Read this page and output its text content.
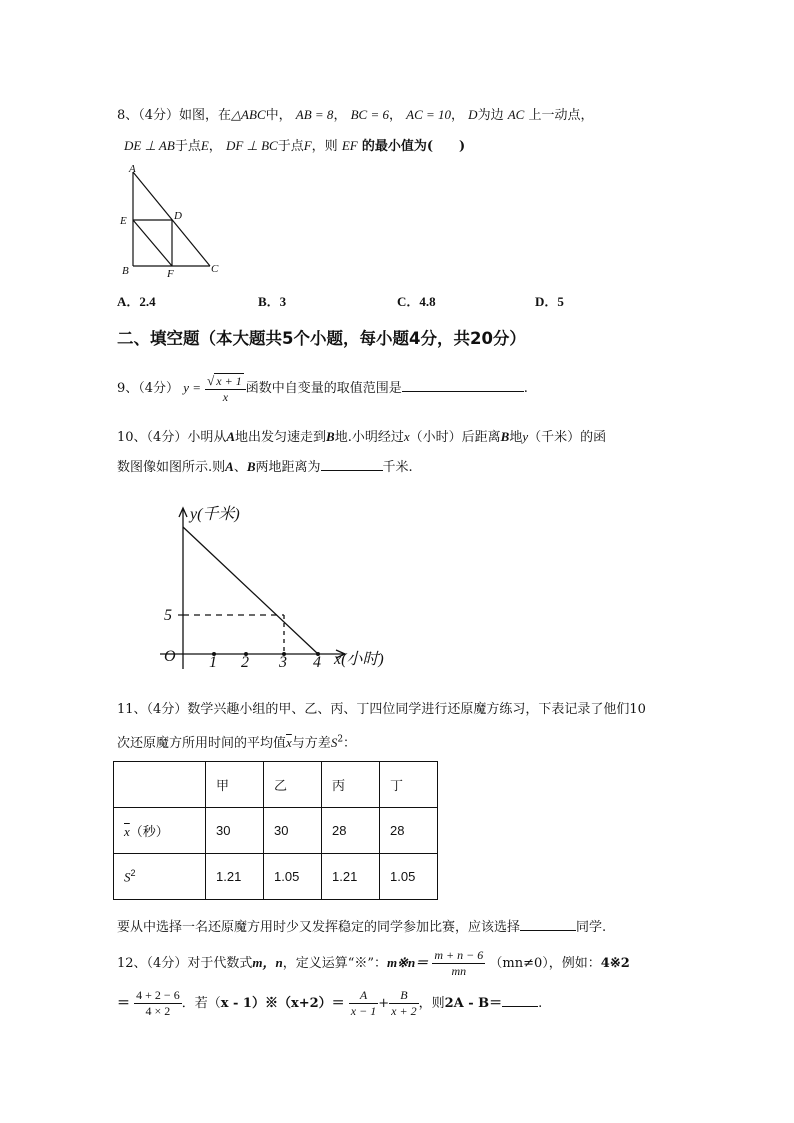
8、（4分）如图，在△ABC中， AB = 8， BC = 6， AC = 10， D为边 AC 上一动点，
DE ⊥ AB于点E， DF ⊥ BC于点F，则 EF 的最小值为(　　)
A
E	D
B	F	C
A．2.4	B．3	C．4.8	D．5
二、填空题（本大题共5个小题，每小题4分，共20分）
9、（4分） $y = \frac{√ x + 1}{x}$ 函数中自变量的取值范围是	.
10、（4分）小明从A地出发匀速走到B地.小明经过x（小时）后距离B地y（千米）的函
数图像如图所示.则A、B两地距离为	千米.
y(千米)
x(小时)
O
5
1 2 3 4
11、（4分）数学兴趣小组的甲、乙、丙、丁四位同学进行还原魔方练习，下表记录了他们10
次还原魔方所用时间的平均值$\overline{x}$与方差$S^2$：
	甲	乙	丙	丁
$\overline{x}$（秒）	30	30	28	28
$S^2$	1.21	1.05	1.21	1.05
要从中选择一名还原魔方用时少又发挥稳定的同学参加比赛，应该选择	同学.
12、（4分）对于代数式m，n，定义运算“※”：m※n＝ $\frac{m + n - 6}{mn} (mn\ne 0)$，例如：4※2
＝ $\frac{4 + 2 - 6}{4 \times 2}$ ．若（x - 1）※（x+2）＝ $\frac{A}{x - 1} + \frac{B}{x + 2}$ ，则2A - B＝	.
